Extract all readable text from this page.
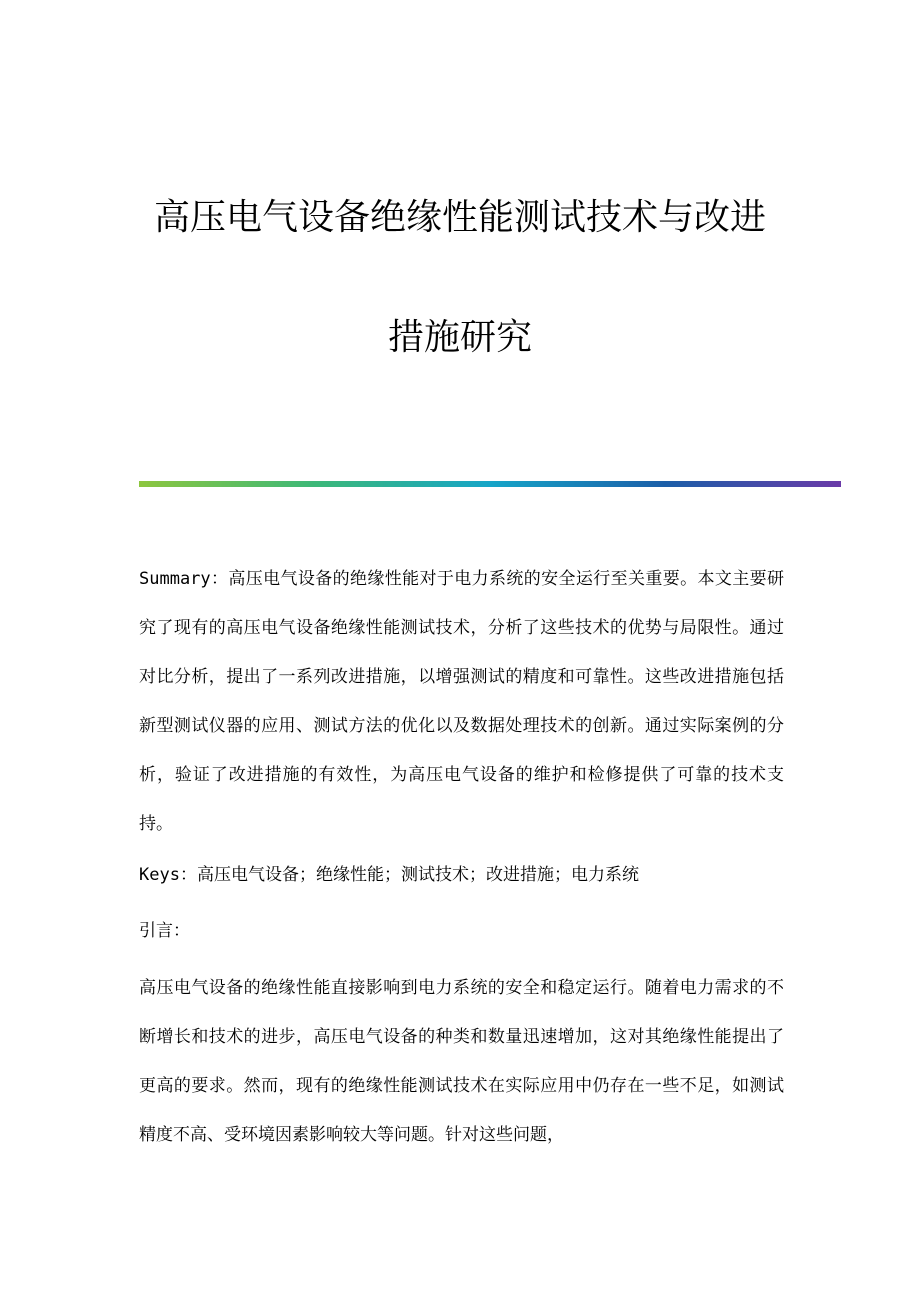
高压电气设备绝缘性能测试技术与改进
措施研究

Summary：高压电气设备的绝缘性能对于电力系统的安全运行至关重要。本文主要研究了现有的高压电气设备绝缘性能测试技术，分析了这些技术的优势与局限性。通过对比分析，提出了一系列改进措施，以增强测试的精度和可靠性。这些改进措施包括新型测试仪器的应用、测试方法的优化以及数据处理技术的创新。通过实际案例的分析，验证了改进措施的有效性，为高压电气设备的维护和检修提供了可靠的技术支持。

Keys：高压电气设备；绝缘性能；测试技术；改进措施；电力系统

引言：

高压电气设备的绝缘性能直接影响到电力系统的安全和稳定运行。随着电力需求的不断增长和技术的进步，高压电气设备的种类和数量迅速增加，这对其绝缘性能提出了更高的要求。然而，现有的绝缘性能测试技术在实际应用中仍存在一些不足，如测试精度不高、受环境因素影响较大等问题。针对这些问题，
